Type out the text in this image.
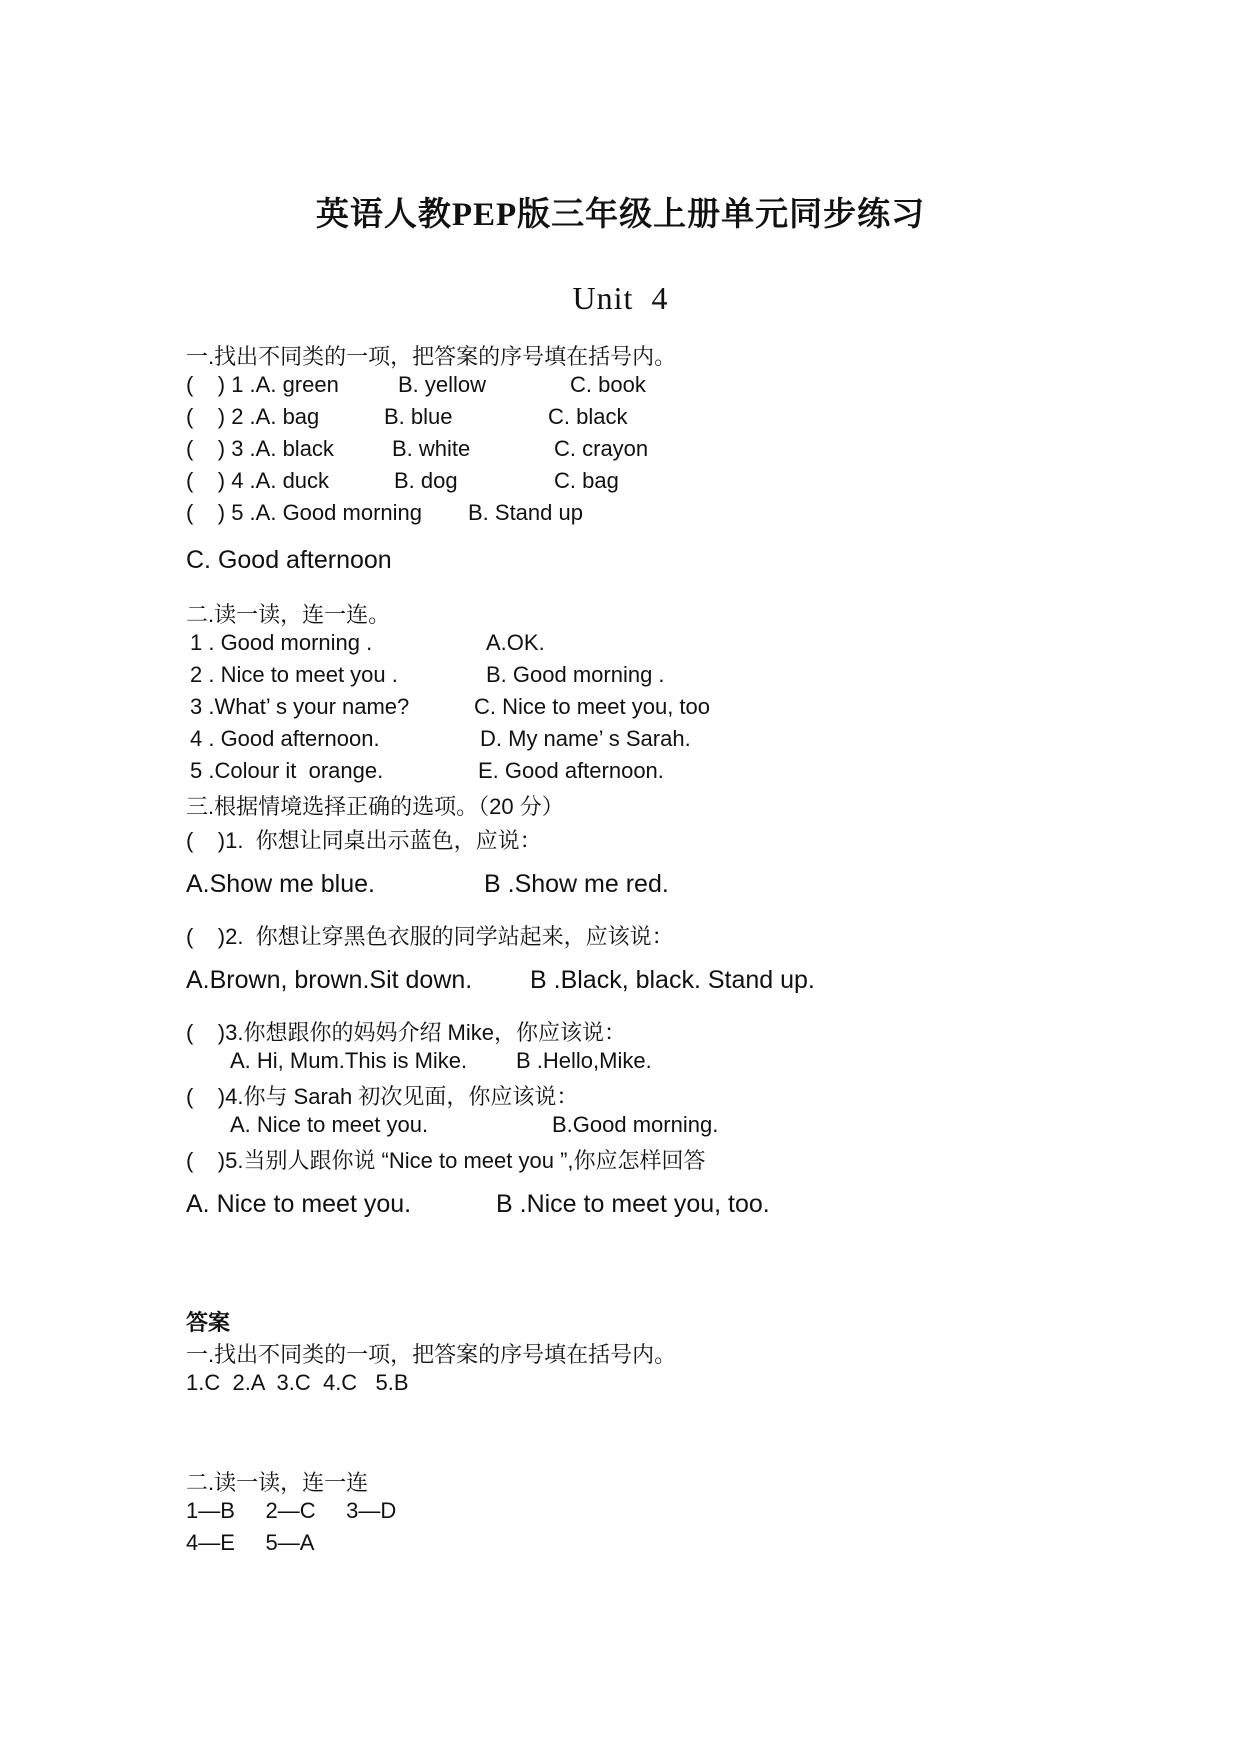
英语人教PEP版三年级上册单元同步练习
Unit  4
一.找出不同类的一项，把答案的序号填在括号内。
(    ) 1 .A. green	B. yellow	C. book
(    ) 2 .A. bag	B. blue	C. black
(    ) 3 .A. black	B. white	C. crayon
(    ) 4 .A. duck	B. dog	C. bag
(    ) 5 .A. Good morning B. Stand up
C. Good afternoon
二.读一读，连一连。
1 . Good morning .	A.OK.
2 . Nice to meet you .	B. Good morning .
3 .What’ s your name?	C. Nice to meet you, too
4 . Good afternoon.	D. My name’ s Sarah.
5 .Colour it  orange.	E. Good afternoon.
三.根据情境选择正确的选项。（20 分）
(    )1.  你想让同桌出示蓝色，应说：
A.Show me blue.	B .Show me red.
(    )2.  你想让穿黑色衣服的同学站起来，应该说：
A.Brown, brown.Sit down. B .Black, black. Stand up.
(    )3.你想跟你的妈妈介绍 Mike，你应该说：
A. Hi, Mum.This is Mike. B .Hello,Mike.
(    )4.你与 Sarah 初次见面，你应该说：
A. Nice to meet you.	B.Good morning.
(    )5.当别人跟你说 “Nice to meet you ”,你应怎样回答
A. Nice to meet you.	B .Nice to meet you, too.
答案
一.找出不同类的一项，把答案的序号填在括号内。
1.C  2.A  3.C  4.C   5.B
二.读一读，连一连
1—B     2—C     3—D
4—E     5—A
